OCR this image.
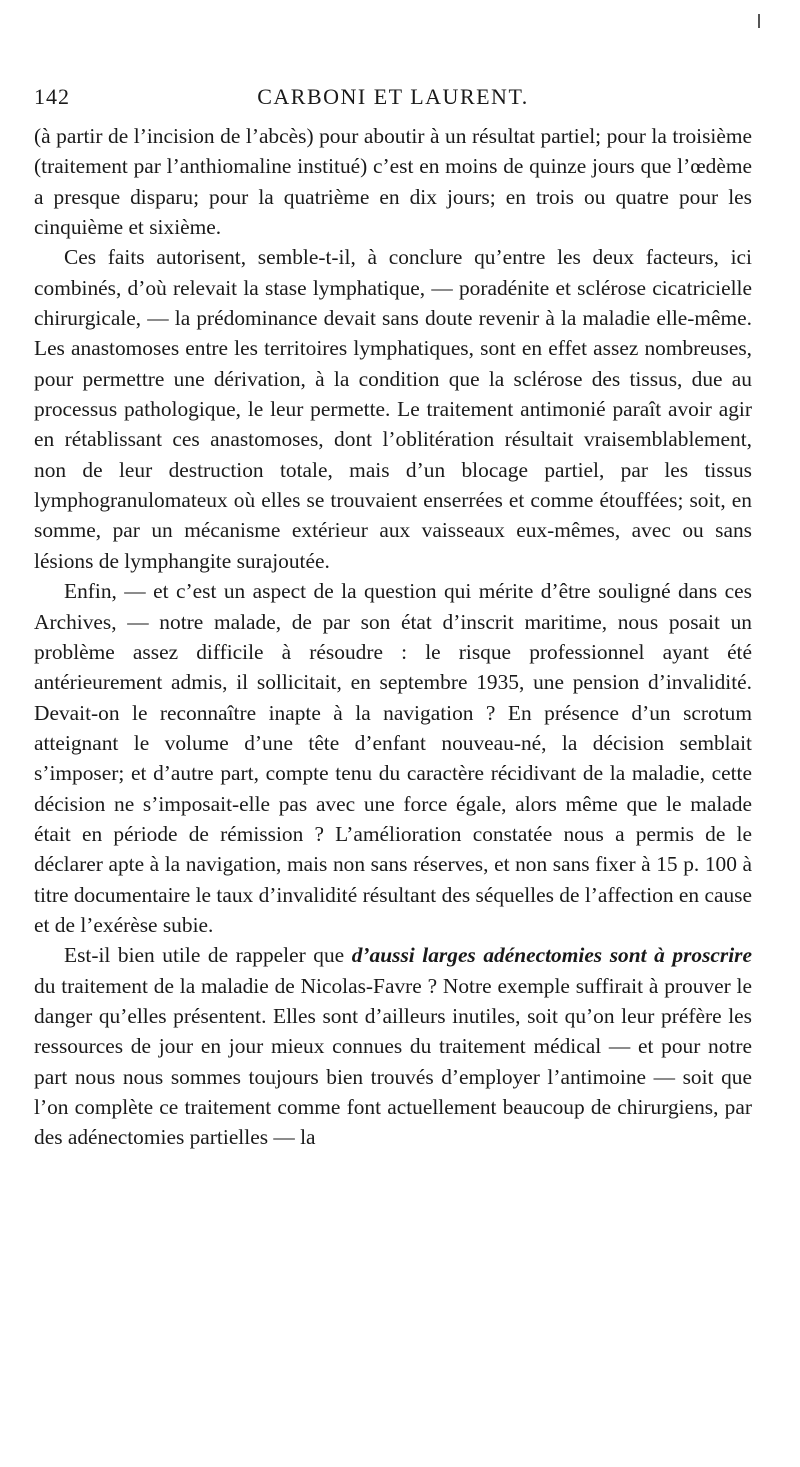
142	CARBONI ET LAURENT.

(à partir de l’incision de l’abcès) pour aboutir à un résultat partiel; pour la troisième (traitement par l’anthiomaline institué) c’est en moins de quinze jours que l’œdème a presque disparu; pour la quatrième en dix jours; en trois ou quatre pour les cinquième et sixième.

Ces faits autorisent, semble-t-il, à conclure qu’entre les deux facteurs, ici combinés, d’où relevait la stase lymphatique, — poradénite et sclérose cicatricielle chirurgicale, — la prédominance devait sans doute revenir à la maladie elle-même. Les anastomoses entre les territoires lymphatiques, sont en effet assez nombreuses, pour permettre une dérivation, à la condition que la sclérose des tissus, due au processus pathologique, le leur permette. Le traitement antimonié paraît avoir agir en rétablissant ces anastomoses, dont l’oblitération résultait vraisemblablement, non de leur destruction totale, mais d’un blocage partiel, par les tissus lymphogranulomateux où elles se trouvaient enserrées et comme étouffées; soit, en somme, par un mécanisme extérieur aux vaisseaux eux-mêmes, avec ou sans lésions de lymphangite surajoutée.

Enfin, — et c’est un aspect de la question qui mérite d’être souligné dans ces Archives, — notre malade, de par son état d’inscrit maritime, nous posait un problème assez difficile à résoudre : le risque professionnel ayant été antérieurement admis, il sollicitait, en septembre 1935, une pension d’invalidité. Devait-on le reconnaître inapte à la navigation ? En présence d’un scrotum atteignant le volume d’une tête d’enfant nouveau-né, la décision semblait s’imposer; et d’autre part, compte tenu du caractère récidivant de la maladie, cette décision ne s’imposait-elle pas avec une force égale, alors même que le malade était en période de rémission ? L’amélioration constatée nous a permis de le déclarer apte à la navigation, mais non sans réserves, et non sans fixer à 15 p. 100 à titre documentaire le taux d’invalidité résultant des séquelles de l’affection en cause et de l’exérèse subie.

Est-il bien utile de rappeler que d’aussi larges adénectomies sont à proscrire du traitement de la maladie de Nicolas-Favre ? Notre exemple suffirait à prouver le danger qu’elles présentent. Elles sont d’ailleurs inutiles, soit qu’on leur préfère les ressources de jour en jour mieux connues du traitement médical — et pour notre part nous nous sommes toujours bien trouvés d’employer l’antimoine — soit que l’on complète ce traitement comme font actuellement beaucoup de chirurgiens, par des adénectomies partielles — la
